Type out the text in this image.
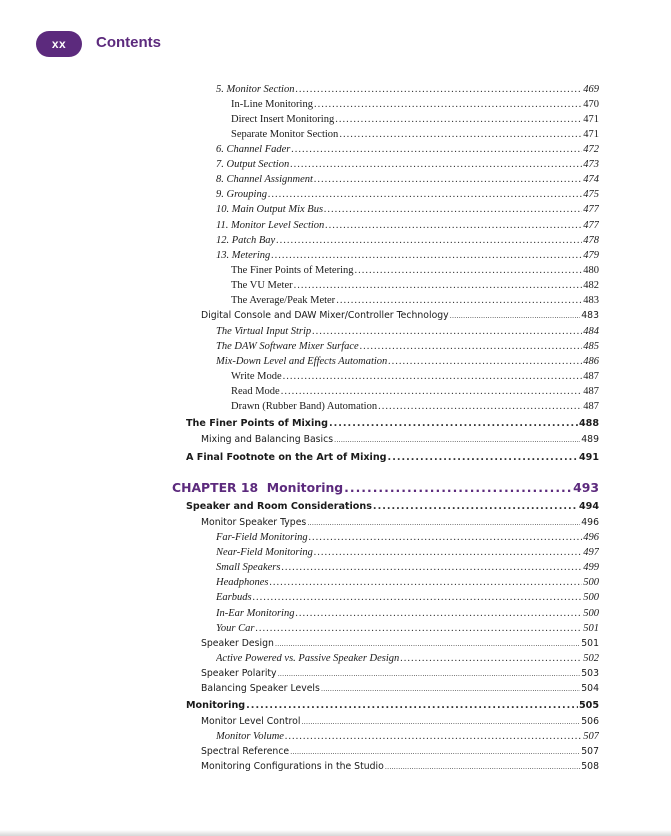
xx	Contents
5. Monitor Section .....	469
In-Line Monitoring .....	470
Direct Insert Monitoring .....	471
Separate Monitor Section .....	471
6. Channel Fader .....	472
7. Output Section .....	473
8. Channel Assignment .....	474
9. Grouping .....	475
10. Main Output Mix Bus .....	477
11. Monitor Level Section .....	477
12. Patch Bay .....	478
13. Metering .....	479
The Finer Points of Metering .....	480
The VU Meter .....	482
The Average/Peak Meter .....	483
Digital Console and DAW Mixer/Controller Technology .....	483
The Virtual Input Strip .....	484
The DAW Software Mixer Surface .....	485
Mix-Down Level and Effects Automation .....	486
Write Mode .....	487
Read Mode .....	487
Drawn (Rubber Band) Automation .....	487
The Finer Points of Mixing .....	488
Mixing and Balancing Basics .....	489
A Final Footnote on the Art of Mixing .....	491
CHAPTER 18  Monitoring .....	493
Speaker and Room Considerations .....	494
Monitor Speaker Types .....	496
Far-Field Monitoring .....	496
Near-Field Monitoring .....	497
Small Speakers .....	499
Headphones .....	500
Earbuds .....	500
In-Ear Monitoring .....	500
Your Car .....	501
Speaker Design .....	501
Active Powered vs. Passive Speaker Design .....	502
Speaker Polarity .....	503
Balancing Speaker Levels .....	504
Monitoring .....	505
Monitor Level Control .....	506
Monitor Volume .....	507
Spectral Reference .....	507
Monitoring Configurations in the Studio .....	508
